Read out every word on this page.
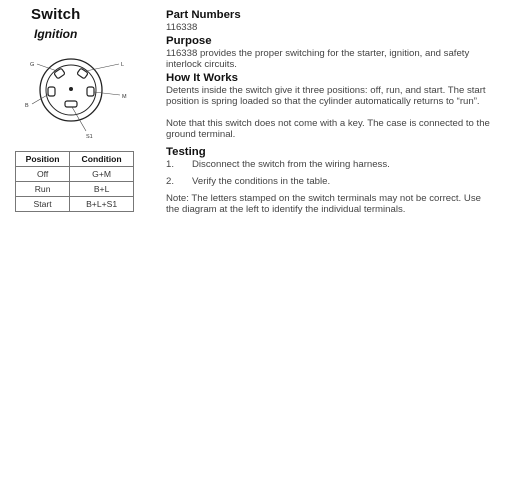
Switch
Ignition
G	L
B
M
S1
Position	Condition
Off	G+M
Run	B+L
Start	B+L+S1
Part Numbers
116338
Purpose
116338 provides the proper switching for the starter, ignition, and safety interlock circuits.
How It Works
Detents inside the switch give it three positions: off, run, and start. The start position is spring loaded so that the cylinder automatically returns to “run”.
Note that this switch does not come with a key. The case is connected to the ground terminal.
Testing
1.	Disconnect the switch from the wiring harness.
2.	Verify the conditions in the table.
Note: The letters stamped on the switch terminals may not be correct. Use the diagram at the left to identify the individual terminals.
